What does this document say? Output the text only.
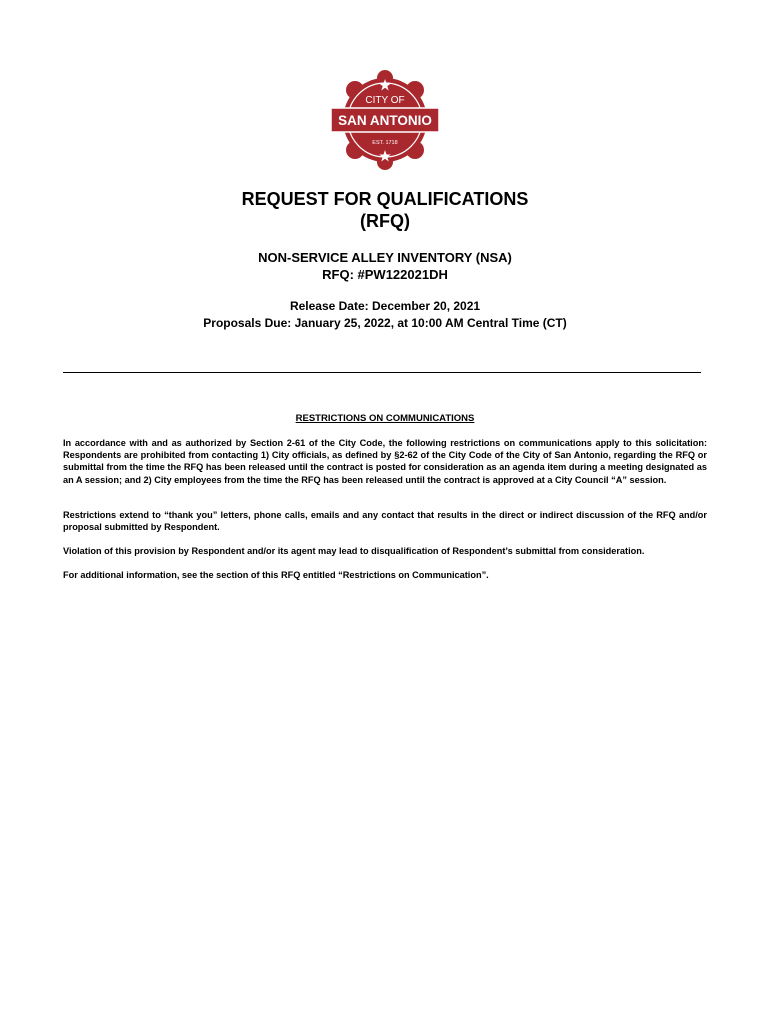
CITY OF
SAN ANTONIO
EST. 1718
REQUEST FOR QUALIFICATIONS
(RFQ)
NON-SERVICE ALLEY INVENTORY (NSA)
RFQ: #PW122021DH
Release Date: December 20, 2021
Proposals Due: January 25, 2022, at 10:00 AM Central Time (CT)
RESTRICTIONS ON COMMUNICATIONS
In accordance with and as authorized by Section 2-61 of the City Code, the following restrictions on communications apply to this solicitation: Respondents are prohibited from contacting 1) City officials, as defined by §2-62 of the City Code of the City of San Antonio, regarding the RFQ or submittal from the time the RFQ has been released until the contract is posted for consideration as an agenda item during a meeting designated as an A session; and 2) City employees from the time the RFQ has been released until the contract is approved at a City Council “A” session.
Restrictions extend to “thank you” letters, phone calls, emails and any contact that results in the direct or indirect discussion of the RFQ and/or proposal submitted by Respondent.
Violation of this provision by Respondent and/or its agent may lead to disqualification of Respondent’s submittal from consideration.
For additional information, see the section of this RFQ entitled “Restrictions on Communication”.
